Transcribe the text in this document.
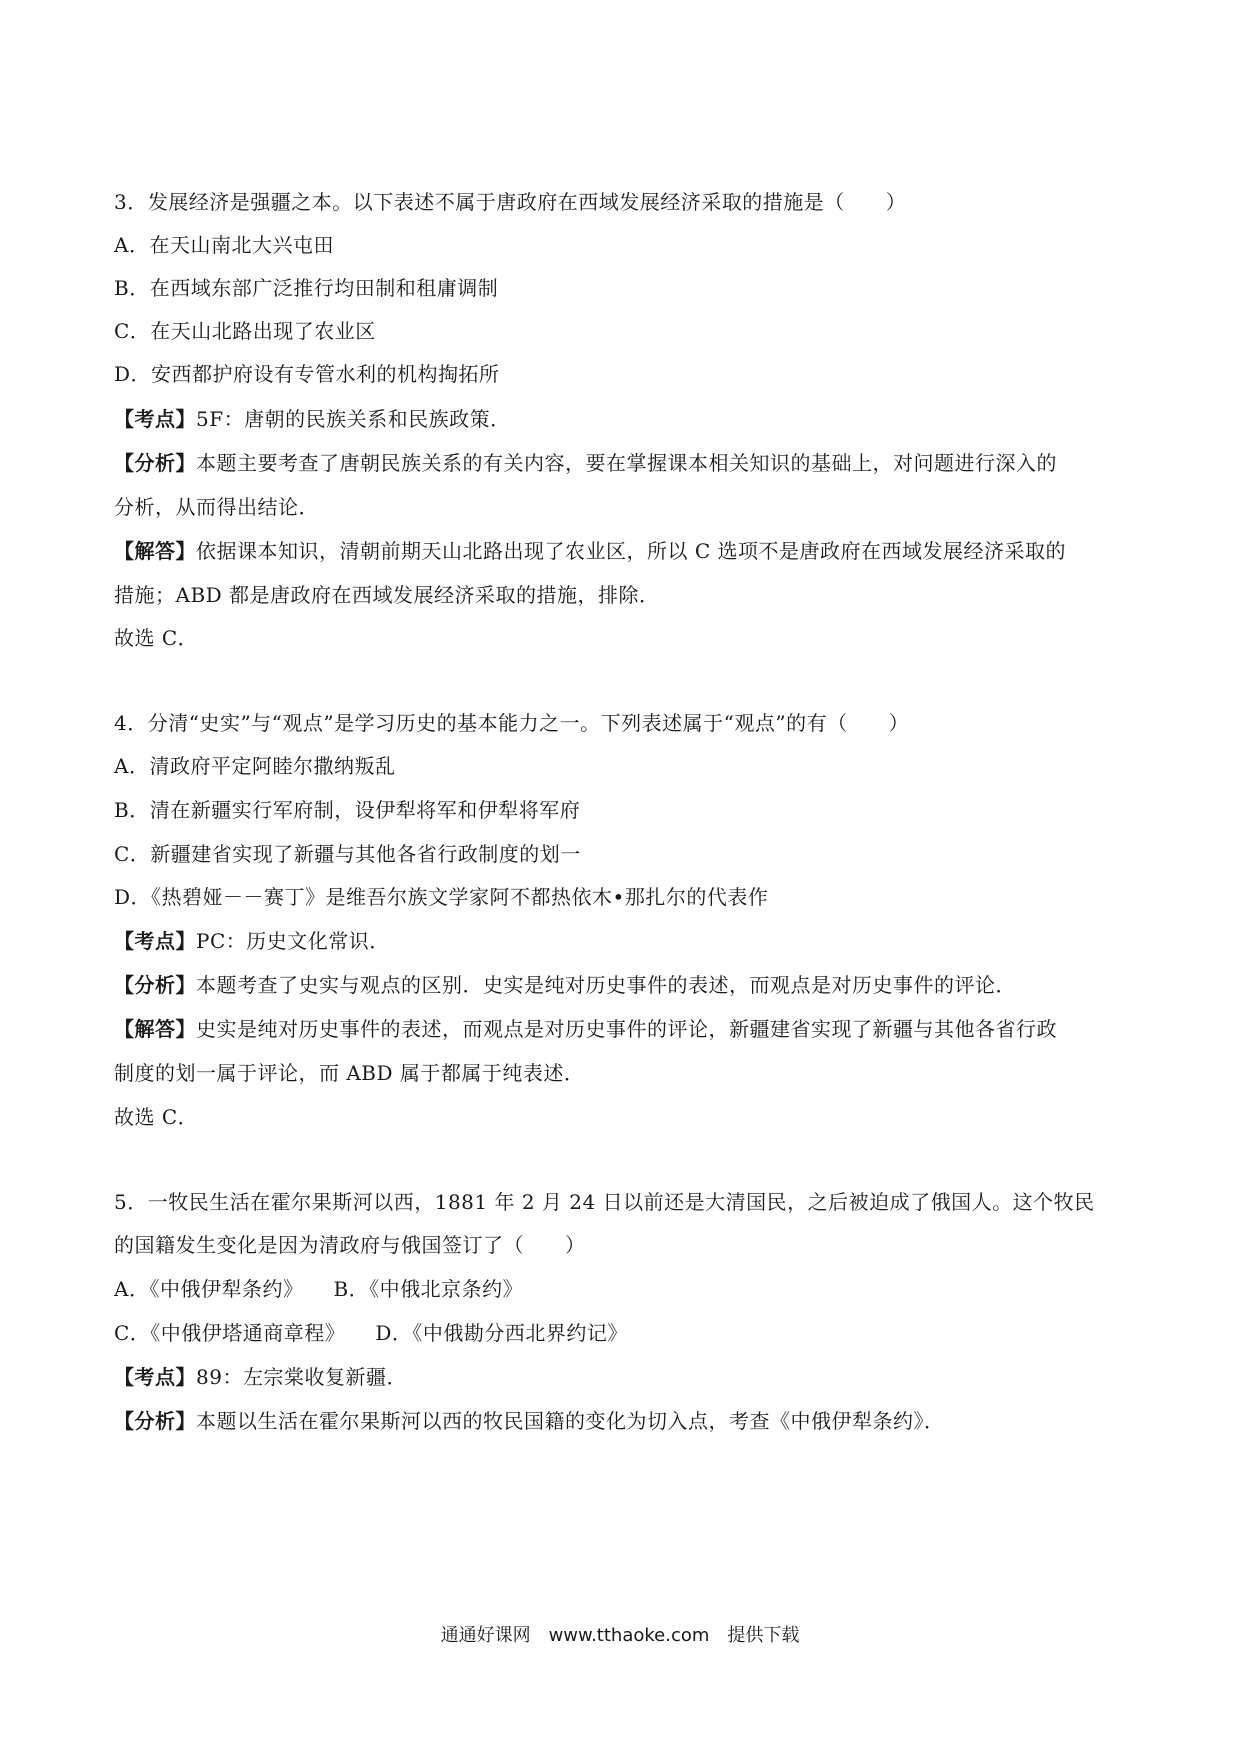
3．发展经济是强疆之本。以下表述不属于唐政府在西域发展经济采取的措施是（　　）
A．在天山南北大兴屯田
B．在西域东部广泛推行均田制和租庸调制
C．在天山北路出现了农业区
D．安西都护府设有专管水利的机构掏拓所
【考点】5F：唐朝的民族关系和民族政策．
【分析】本题主要考查了唐朝民族关系的有关内容，要在掌握课本相关知识的基础上，对问题进行深入的
分析，从而得出结论．
【解答】依据课本知识，清朝前期天山北路出现了农业区，所以 C 选项不是唐政府在西域发展经济采取的
措施；ABD 都是唐政府在西域发展经济采取的措施，排除．
故选 C．
4．分清“史实”与“观点”是学习历史的基本能力之一。下列表述属于“观点”的有（　　）
A．清政府平定阿睦尔撒纳叛乱
B．清在新疆实行军府制，设伊犁将军和伊犁将军府
C．新疆建省实现了新疆与其他各省行政制度的划一
D．《热碧娅－－赛丁》是维吾尔族文学家阿不都热依木•那扎尔的代表作
【考点】PC：历史文化常识．
【分析】本题考查了史实与观点的区别．史实是纯对历史事件的表述，而观点是对历史事件的评论．
【解答】史实是纯对历史事件的表述，而观点是对历史事件的评论，新疆建省实现了新疆与其他各省行政
制度的划一属于评论，而 ABD 属于都属于纯表述．
故选 C．
5．一牧民生活在霍尔果斯河以西，1881 年 2 月 24 日以前还是大清国民，之后被迫成了俄国人。这个牧民
的国籍发生变化是因为清政府与俄国签订了（　　）
A．《中俄伊犁条约》 B．《中俄北京条约》
C．《中俄伊塔通商章程》 D．《中俄勘分西北界约记》
【考点】89：左宗棠收复新疆．
【分析】本题以生活在霍尔果斯河以西的牧民国籍的变化为切入点，考查《中俄伊犁条约》．
通通好课网　www.tthaoke.com　提供下载
